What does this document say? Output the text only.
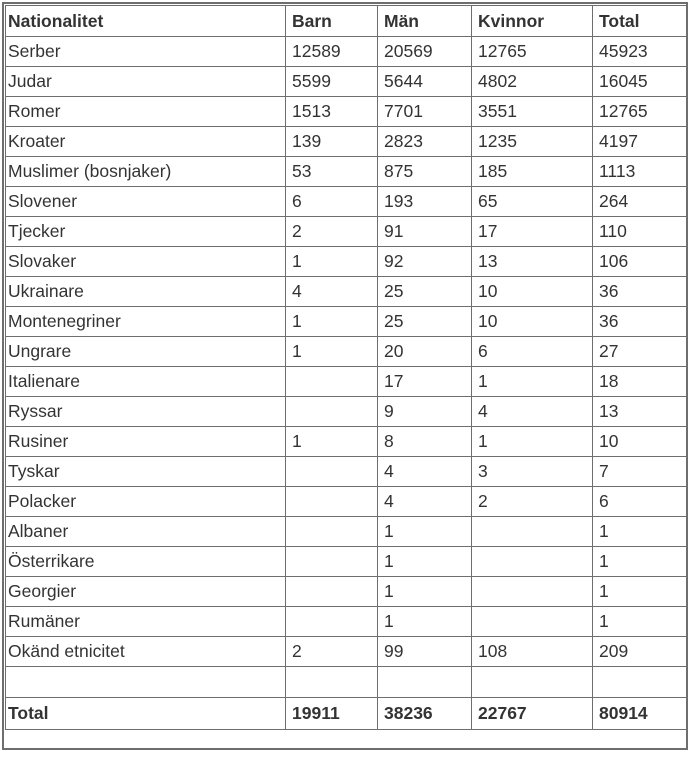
Nationalitet	Barn	Män	Kvinnor	Total
Serber	12589	20569	12765	45923
Judar	5599	5644	4802	16045
Romer	1513	7701	3551	12765
Kroater	139	2823	1235	4197
Muslimer (bosnjaker)	53	875	185	1113
Slovener	6	193	65	264
Tjecker	2	91	17	110
Slovaker	1	92	13	106
Ukrainare	4	25	10	36
Montenegriner	1	25	10	36
Ungrare	1	20	6	27
Italienare		17	1	18
Ryssar		9	4	13
Rusiner	1	8	1	10
Tyskar		4	3	7
Polacker		4	2	6
Albaner		1		1
Österrikare		1		1
Georgier		1		1
Rumäner		1		1
Okänd etnicitet	2	99	108	209

Total	19911	38236	22767	80914
